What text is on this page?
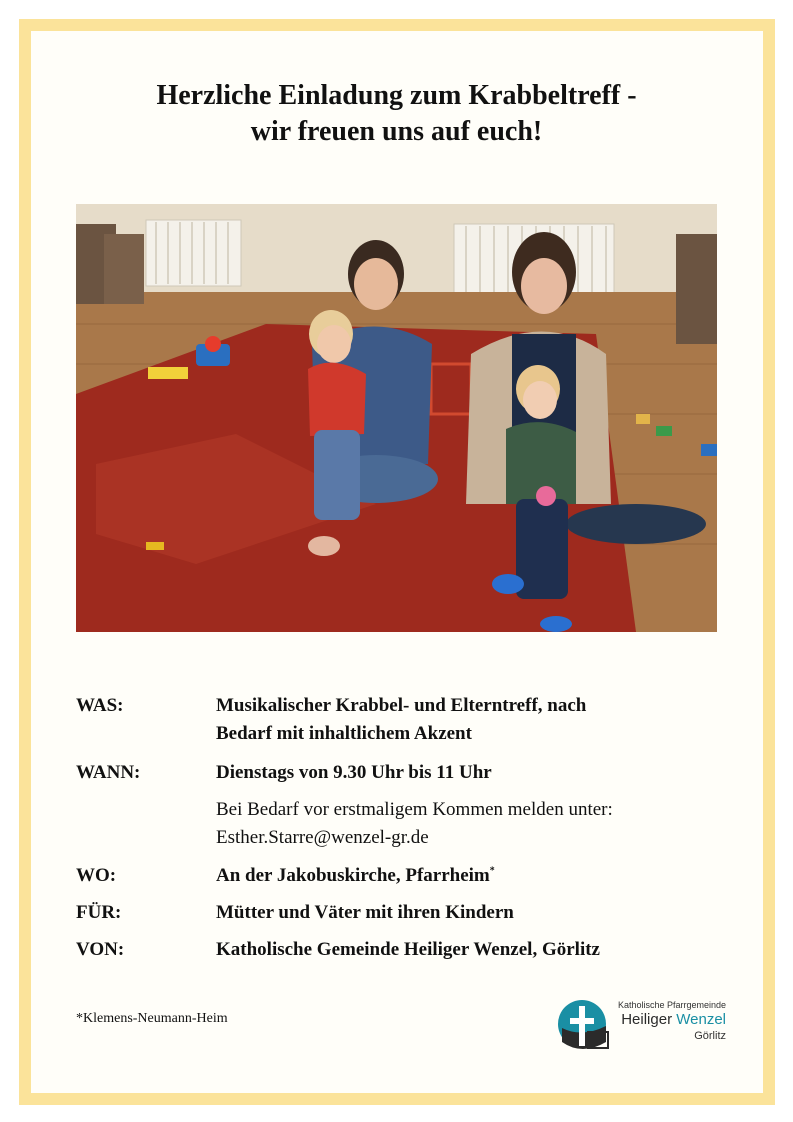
Herzliche Einladung zum Krabbeltreff -
wir freuen uns auf euch!
WAS:	Musikalischer Krabbel- und Elterntreff, nach
Bedarf mit inhaltlichem Akzent
WANN:	Dienstags von 9.30 Uhr bis 11 Uhr
Bei Bedarf vor erstmaligem Kommen melden unter:
Esther.Starre@wenzel-gr.de
WO:	An der Jakobuskirche, Pfarrheim*
FÜR:	Mütter und Väter mit ihren Kindern
VON:	Katholische Gemeinde Heiliger Wenzel, Görlitz
*Klemens-Neumann-Heim
Katholische Pfarrgemeinde
Heiliger Wenzel
Görlitz
